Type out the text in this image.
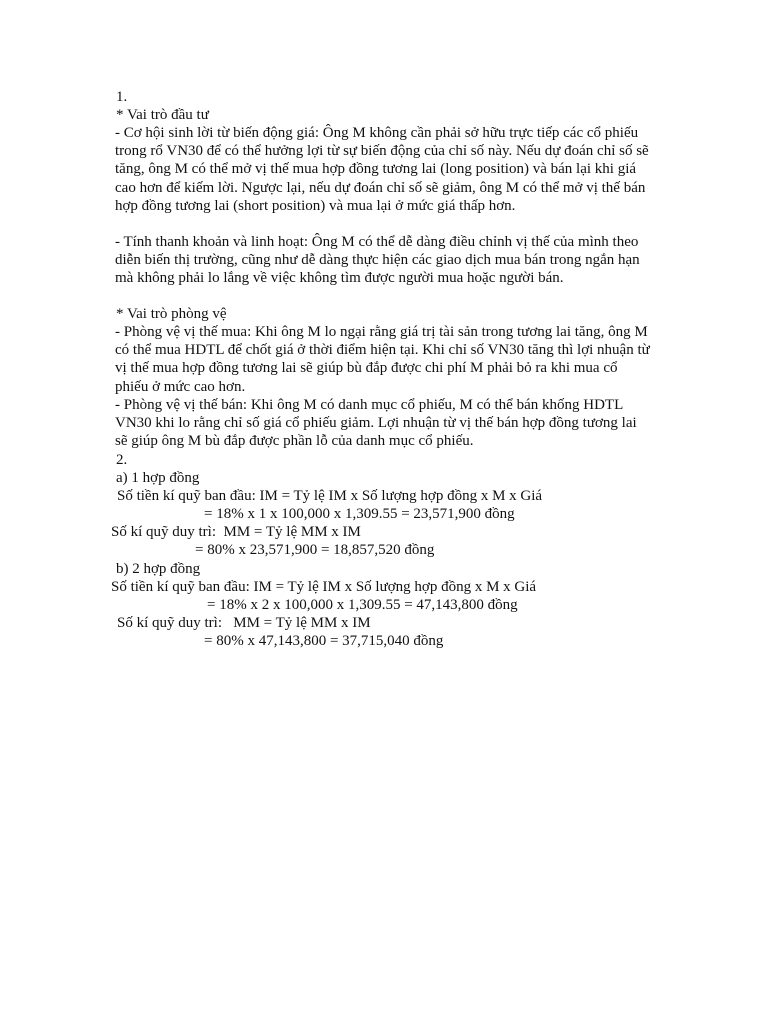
1.
* Vai trò đầu tư

- Cơ hội sinh lời từ biến động giá: Ông M không cần phải sở hữu trực tiếp các cổ phiếu trong rổ VN30 để có thể hưởng lợi từ sự biến động của chỉ số này. Nếu dự đoán chỉ số sẽ tăng, ông M có thể mở vị thế mua hợp đồng tương lai (long position) và bán lại khi giá cao hơn để kiếm lời. Ngược lại, nếu dự đoán chỉ số sẽ giảm, ông M có thể mở vị thế bán hợp đồng tương lai (short position) và mua lại ở mức giá thấp hơn.

- Tính thanh khoản và linh hoạt: Ông M có thể dễ dàng điều chỉnh vị thế của mình theo diễn biến thị trường, cũng như dễ dàng thực hiện các giao dịch mua bán trong ngắn hạn mà không phải lo lắng về việc không tìm được người mua hoặc người bán.

* Vai trò phòng vệ

- Phòng vệ vị thế mua: Khi ông M lo ngại rằng giá trị tài sản trong tương lai tăng, ông M có thể mua HDTL để chốt giá ở thời điểm hiện tại. Khi chỉ số VN30 tăng thì lợi nhuận từ vị thế mua hợp đồng tương lai sẽ giúp bù đắp được chi phí M phải bỏ ra khi mua cổ phiếu ở mức cao hơn.

- Phòng vệ vị thế bán: Khi ông M có danh mục cổ phiếu, M có thể bán khống HDTL VN30 khi lo rằng chỉ số giá cổ phiếu giảm. Lợi nhuận từ vị thế bán hợp đồng tương lai sẽ giúp ông M bù đắp được phần lỗ của danh mục cổ phiếu.

2.
a) 1 hợp đồng
Số tiền kí quỹ ban đầu: IM = Tỷ lệ IM x Số lượng hợp đồng x M x Giá
= 18% x 1 x 100,000 x 1,309.55 = 23,571,900 đồng
Số kí quỹ duy trì:  MM = Tỷ lệ MM x IM
= 80% x 23,571,900 = 18,857,520 đồng
b) 2 hợp đồng
Số tiền kí quỹ ban đầu: IM = Tỷ lệ IM x Số lượng hợp đồng x M x Giá
= 18% x 2 x 100,000 x 1,309.55 = 47,143,800 đồng
Số kí quỹ duy trì:   MM = Tỷ lệ MM x IM
= 80% x 47,143,800 = 37,715,040 đồng
